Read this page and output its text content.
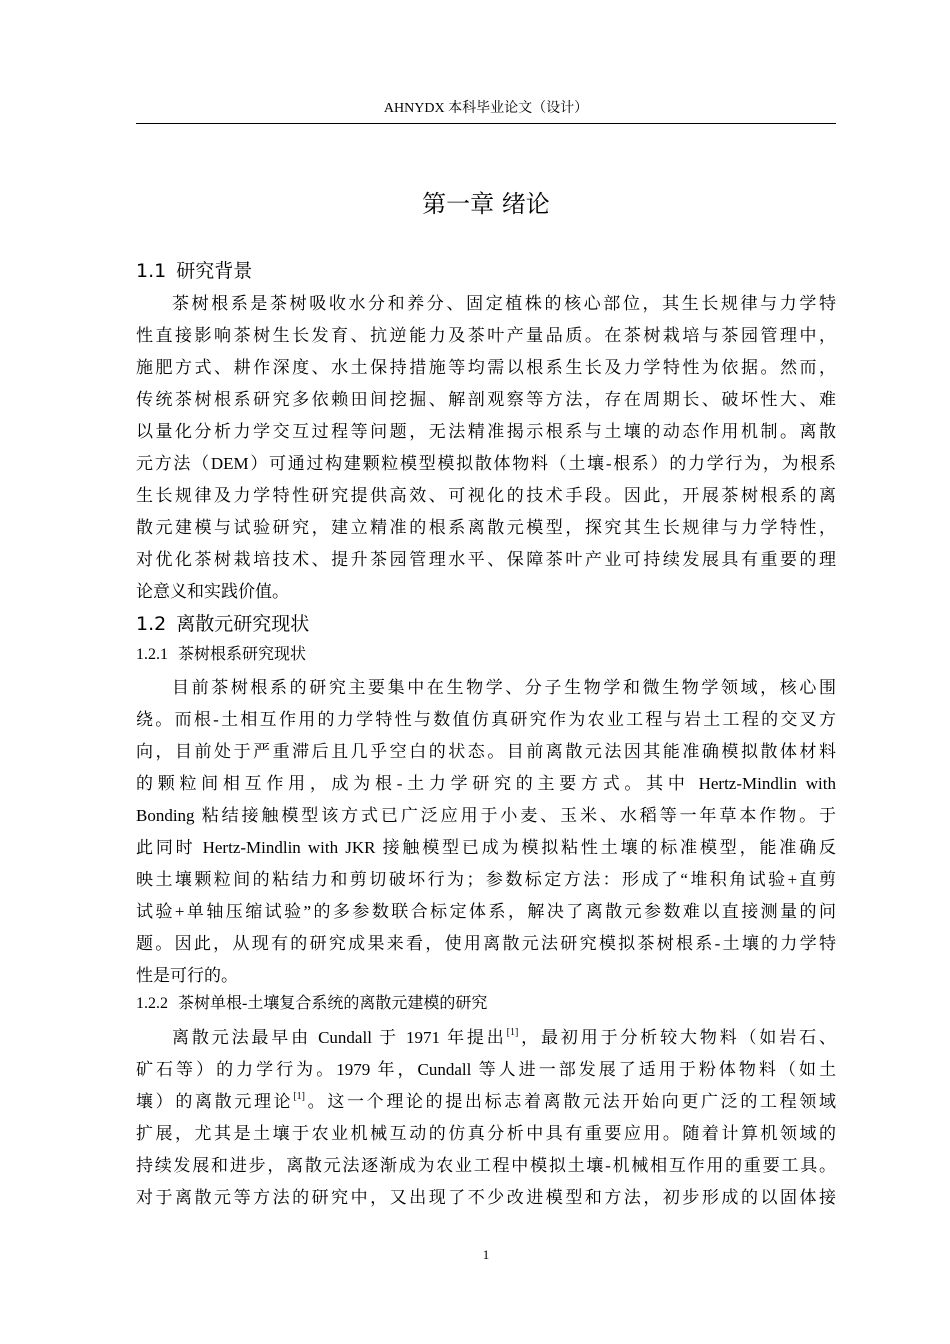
AHNYDX 本科毕业论文（设计）
第一章 绪论
1.1 研究背景
茶树根系是茶树吸收水分和养分、固定植株的核心部位，其生长规律与力学特
性直接影响茶树生长发育、抗逆能力及茶叶产量品质。在茶树栽培与茶园管理中，
施肥方式、耕作深度、水土保持措施等均需以根系生长及力学特性为依据。然而，
传统茶树根系研究多依赖田间挖掘、解剖观察等方法，存在周期长、破坏性大、难
以量化分析力学交互过程等问题，无法精准揭示根系与土壤的动态作用机制。离散
元方法（DEM）可通过构建颗粒模型模拟散体物料（土壤-根系）的力学行为，为根系
生长规律及力学特性研究提供高效、可视化的技术手段。因此，开展茶树根系的离
散元建模与试验研究，建立精准的根系离散元模型，探究其生长规律与力学特性，
对优化茶树栽培技术、提升茶园管理水平、保障茶叶产业可持续发展具有重要的理
论意义和实践价值。
1.2 离散元研究现状
1.2.1 茶树根系研究现状
目前茶树根系的研究主要集中在生物学、分子生物学和微生物学领域，核心围
绕。而根-土相互作用的力学特性与数值仿真研究作为农业工程与岩土工程的交叉方
向，目前处于严重滞后且几乎空白的状态。目前离散元法因其能准确模拟散体材料
的颗粒间相互作用，成为根-土力学研究的主要方式。其中 Hertz-Mindlin with
Bonding 粘结接触模型该方式已广泛应用于小麦、玉米、水稻等一年草本作物。于
此同时 Hertz-Mindlin with JKR 接触模型已成为模拟粘性土壤的标准模型，能准确反
映土壤颗粒间的粘结力和剪切破坏行为；参数标定方法：形成了“堆积角试验+直剪
试验+单轴压缩试验”的多参数联合标定体系，解决了离散元参数难以直接测量的问
题。因此，从现有的研究成果来看，使用离散元法研究模拟茶树根系-土壤的力学特
性是可行的。
1.2.2 茶树单根-土壤复合系统的离散元建模的研究
离散元法最早由 Cundall 于 1971 年提出[1]，最初用于分析较大物料（如岩石、
矿石等）的力学行为。1979 年，Cundall 等人进一部发展了适用于粉体物料（如土
壤）的离散元理论[1]。这一个理论的提出标志着离散元法开始向更广泛的工程领域
扩展，尤其是土壤于农业机械互动的仿真分析中具有重要应用。随着计算机领域的
持续发展和进步，离散元法逐渐成为农业工程中模拟土壤-机械相互作用的重要工具。
对于离散元等方法的研究中，又出现了不少改进模型和方法，初步形成的以固体接
1
